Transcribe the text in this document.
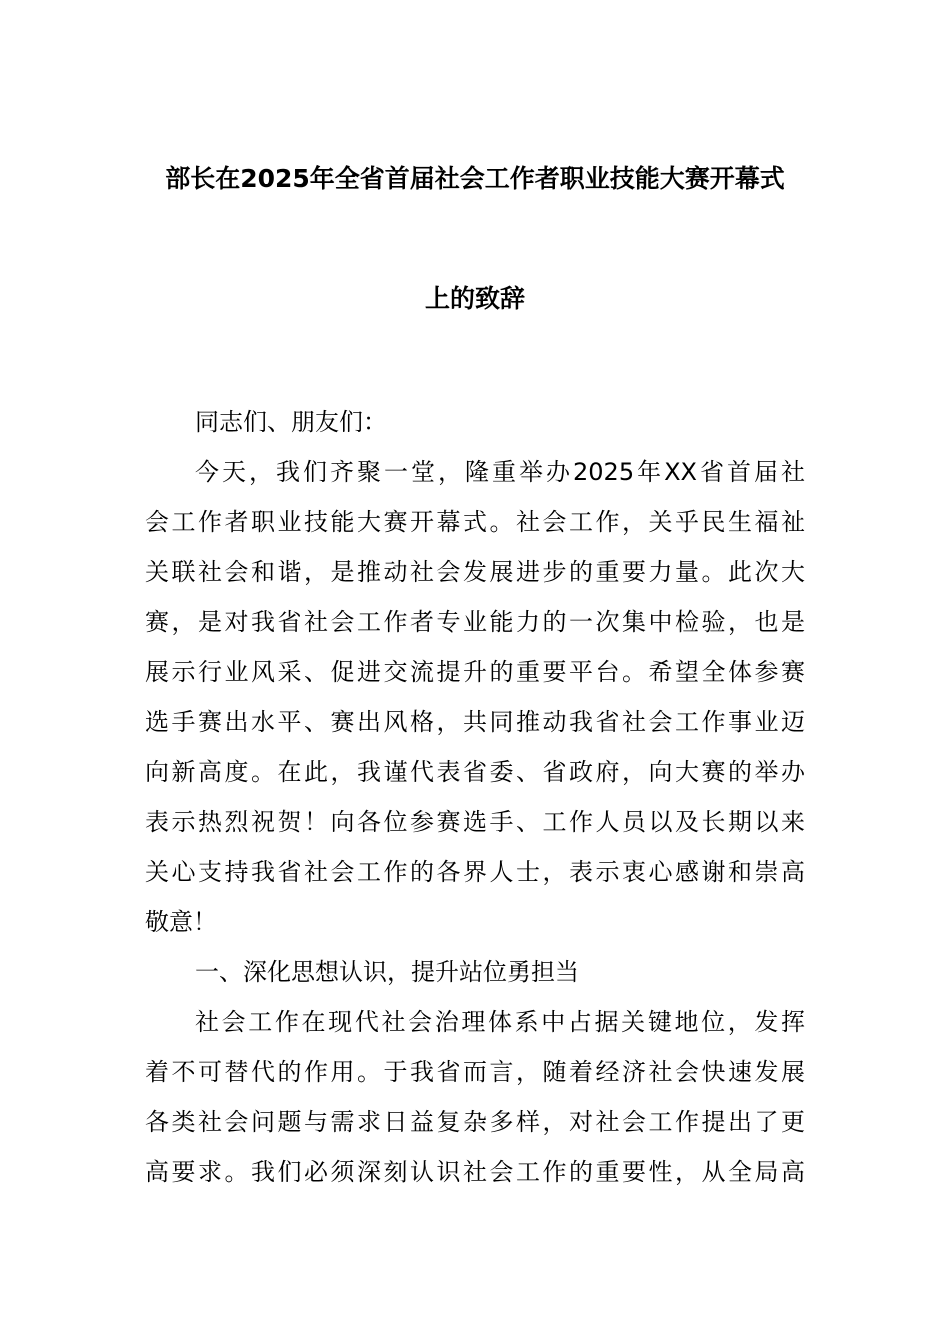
部长在2025年全省首届社会工作者职业技能大赛开幕式
上的致辞
同志们、朋友们：
今天，我们齐聚一堂，隆重举办2025年XX省首届社
会工作者职业技能大赛开幕式。社会工作，关乎民生福祉
关联社会和谐，是推动社会发展进步的重要力量。此次大
赛，是对我省社会工作者专业能力的一次集中检验，也是
展示行业风采、促进交流提升的重要平台。希望全体参赛
选手赛出水平、赛出风格，共同推动我省社会工作事业迈
向新高度。在此，我谨代表省委、省政府，向大赛的举办
表示热烈祝贺！向各位参赛选手、工作人员以及长期以来
关心支持我省社会工作的各界人士，表示衷心感谢和崇高
敬意！
一、深化思想认识，提升站位勇担当
社会工作在现代社会治理体系中占据关键地位，发挥
着不可替代的作用。于我省而言，随着经济社会快速发展
各类社会问题与需求日益复杂多样，对社会工作提出了更
高要求。我们必须深刻认识社会工作的重要性，从全局高
